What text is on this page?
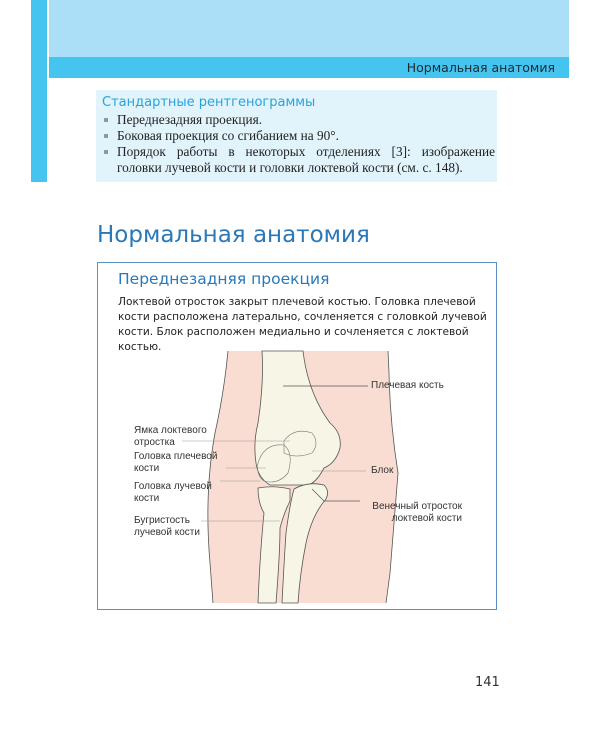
Нормальная анатомия
Стандартные рентгенограммы
Переднезадняя проекция.
Боковая проекция со сгибанием на 90°.
Порядок работы в некоторых отделениях [3]: изображение головки лучевой кости и головки локтевой кости (см. с. 148).
Нормальная анатомия
Переднезадняя проекция
Локтевой отросток закрыт плечевой костью. Головка плечевой кости расположена латерально, сочленяется с головкой лучевой кости. Блок расположен медиально и сочленяется с локтевой костью.
Плечевая кость
Ямка локтевого отростка
Головка плечевой кости
Головка лучевой кости
Бугристость лучевой кости
Блок
Венечный отросток локтевой кости
141
